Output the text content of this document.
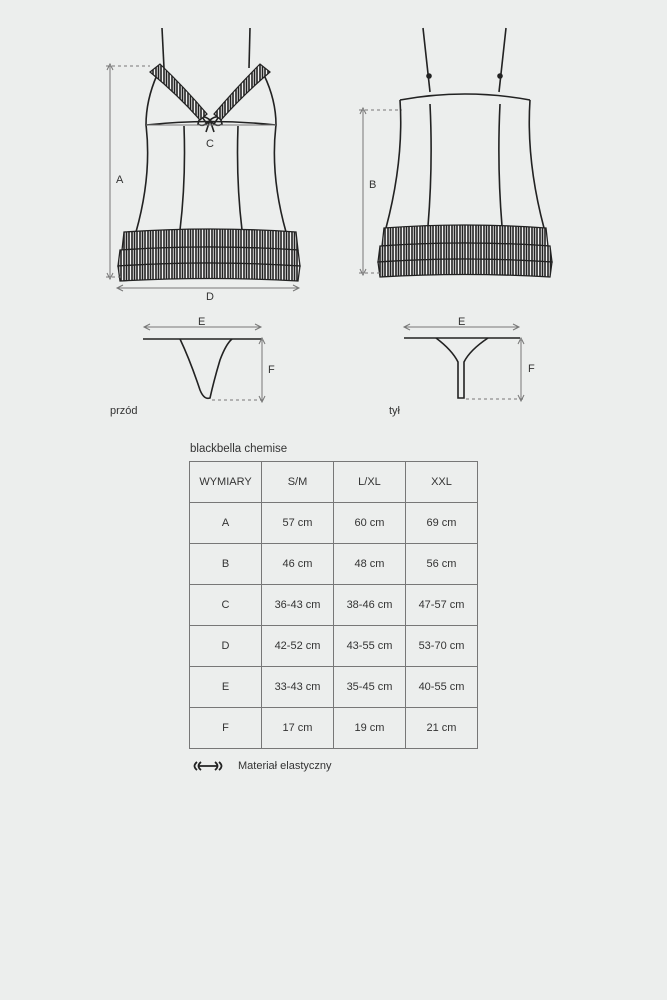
A
C
D
B
E
F
E
F
przód	tył
blackbella chemise
WYMIARY	S/M	L/XL	XXL
A	57 cm	60 cm	69 cm
B	46 cm	48 cm	56 cm
C	36-43 cm	38-46 cm	47-57 cm
D	42-52 cm	43-55 cm	53-70 cm
E	33-43 cm	35-45 cm	40-55 cm
F	17 cm	19 cm	21 cm
Materiał elastyczny
